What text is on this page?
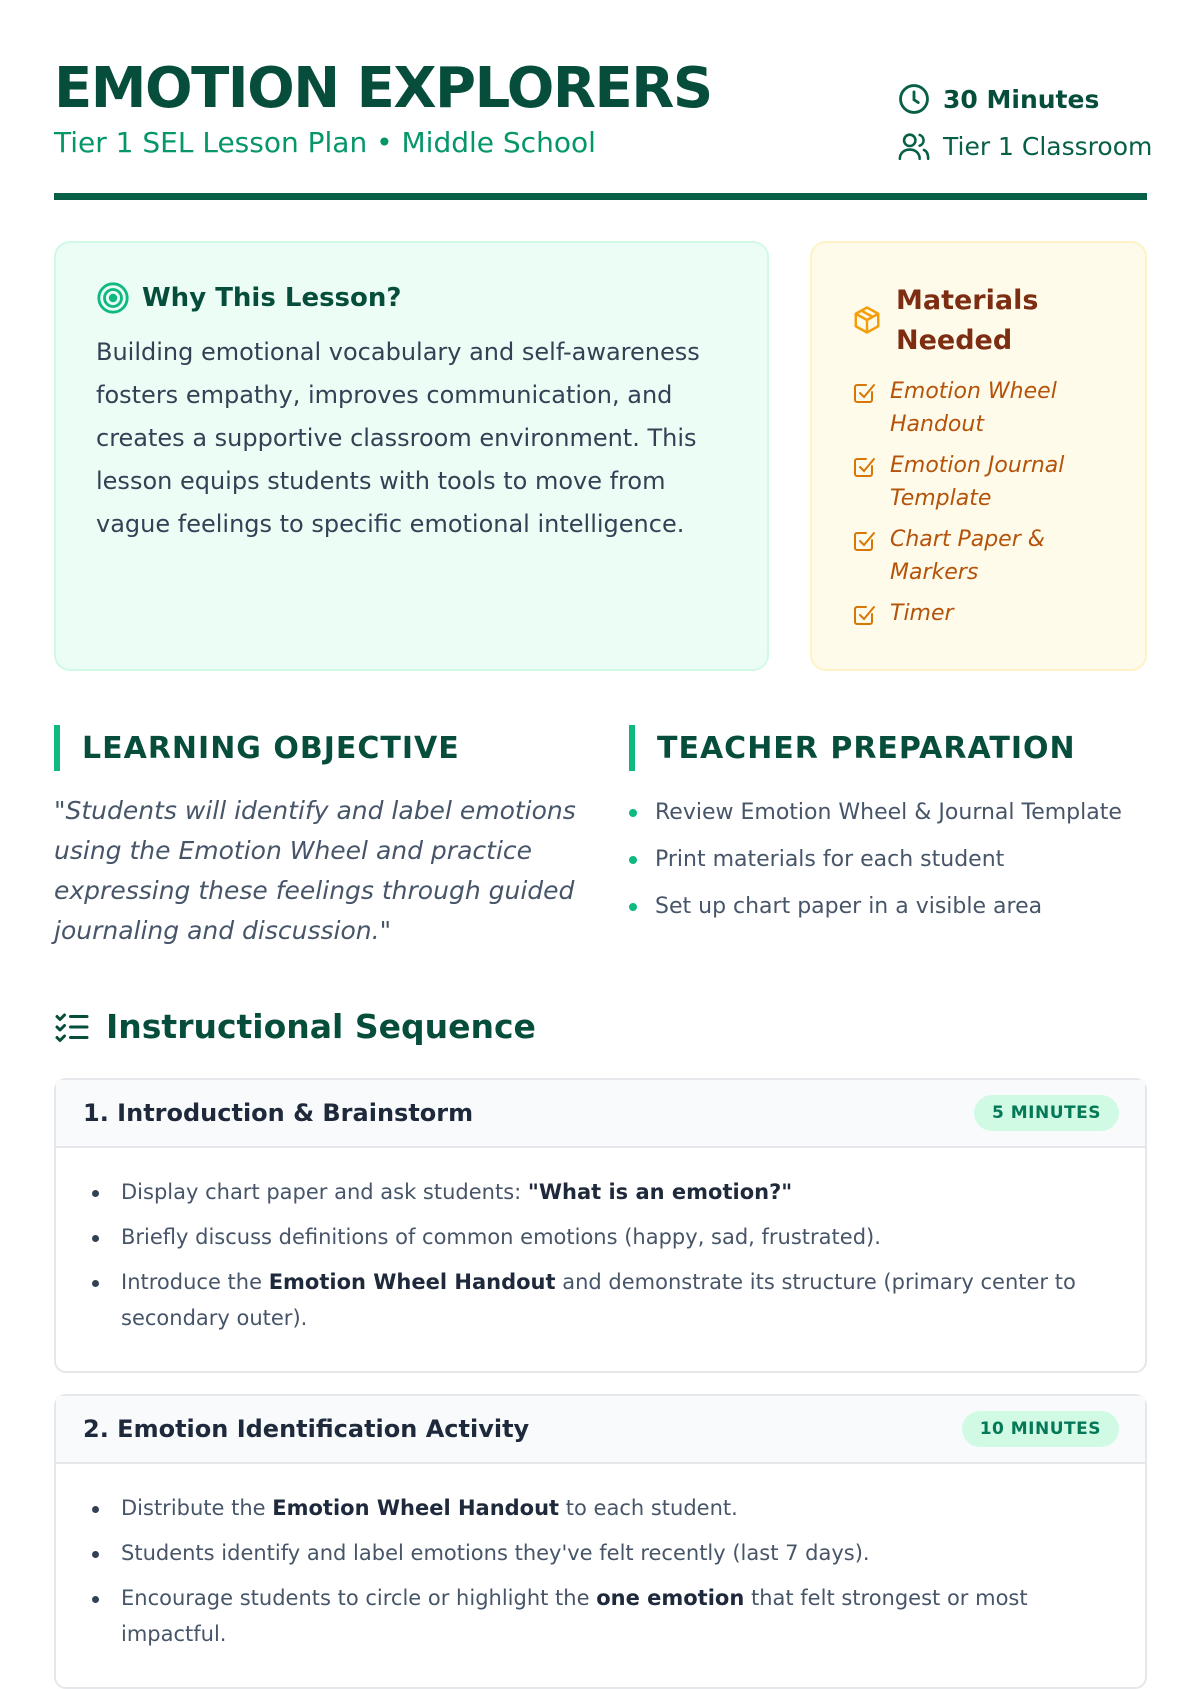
EMOTION EXPLORERS
Tier 1 SEL Lesson Plan • Middle School
30 Minutes
Tier 1 Classroom
Why This Lesson?

Building emotional vocabulary and self-awareness fosters empathy, improves communication, and creates a supportive classroom environment. This lesson equips students with tools to move from vague feelings to specific emotional intelligence.

Materials Needed
Emotion Wheel Handout
Emotion Journal Template
Chart Paper & Markers
Timer
LEARNING OBJECTIVE

"Students will identify and label emotions using the Emotion Wheel and practice expressing these feelings through guided journaling and discussion."

TEACHER PREPARATION
Review Emotion Wheel & Journal Template
Print materials for each student
Set up chart paper in a visible area
Instructional Sequence
1. Introduction & Brainstorm	5 MINUTES
Display chart paper and ask students: "What is an emotion?"
Briefly discuss definitions of common emotions (happy, sad, frustrated).
Introduce the Emotion Wheel Handout and demonstrate its structure (primary center to secondary outer).
2. Emotion Identification Activity	10 MINUTES
Distribute the Emotion Wheel Handout to each student.
Students identify and label emotions they've felt recently (last 7 days).
Encourage students to circle or highlight the one emotion that felt strongest or most impactful.
